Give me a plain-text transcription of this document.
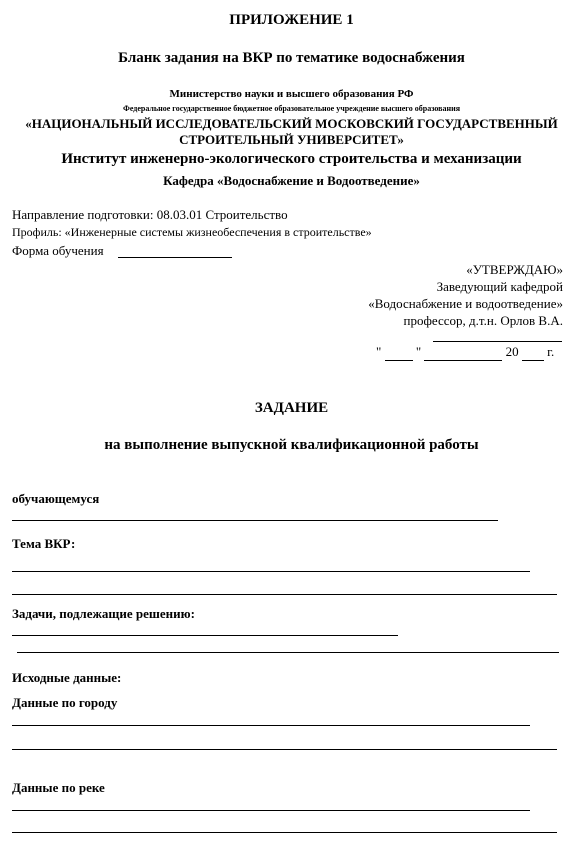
ПРИЛОЖЕНИЕ 1
Бланк задания на ВКР по тематике водоснабжения
Министерство науки и высшего образования РФ
Федеральное государственное бюджетное образовательное учреждение высшего образования
«НАЦИОНАЛЬНЫЙ ИССЛЕДОВАТЕЛЬСКИЙ МОСКОВСКИЙ ГОСУДАРСТВЕННЫЙ
СТРОИТЕЛЬНЫЙ УНИВЕРСИТЕТ»
Институт инженерно-экологического строительства и механизации
Кафедра «Водоснабжение и Водоотведение»
Направление подготовки: 08.03.01 Строительство
Профиль: «Инженерные системы жизнеобеспечения в строительстве»
Форма обучения
«УТВЕРЖДАЮ»
Заведующий кафедрой
«Водоснабжение и водоотведение»
профессор, д.т.н. Орлов В.А.
"	"	20 г.
ЗАДАНИЕ
на выполнение выпускной квалификационной работы
обучающемуся
Тема ВКР:
Задачи, подлежащие решению:
Исходные данные:
Данные по городу
Данные по реке
